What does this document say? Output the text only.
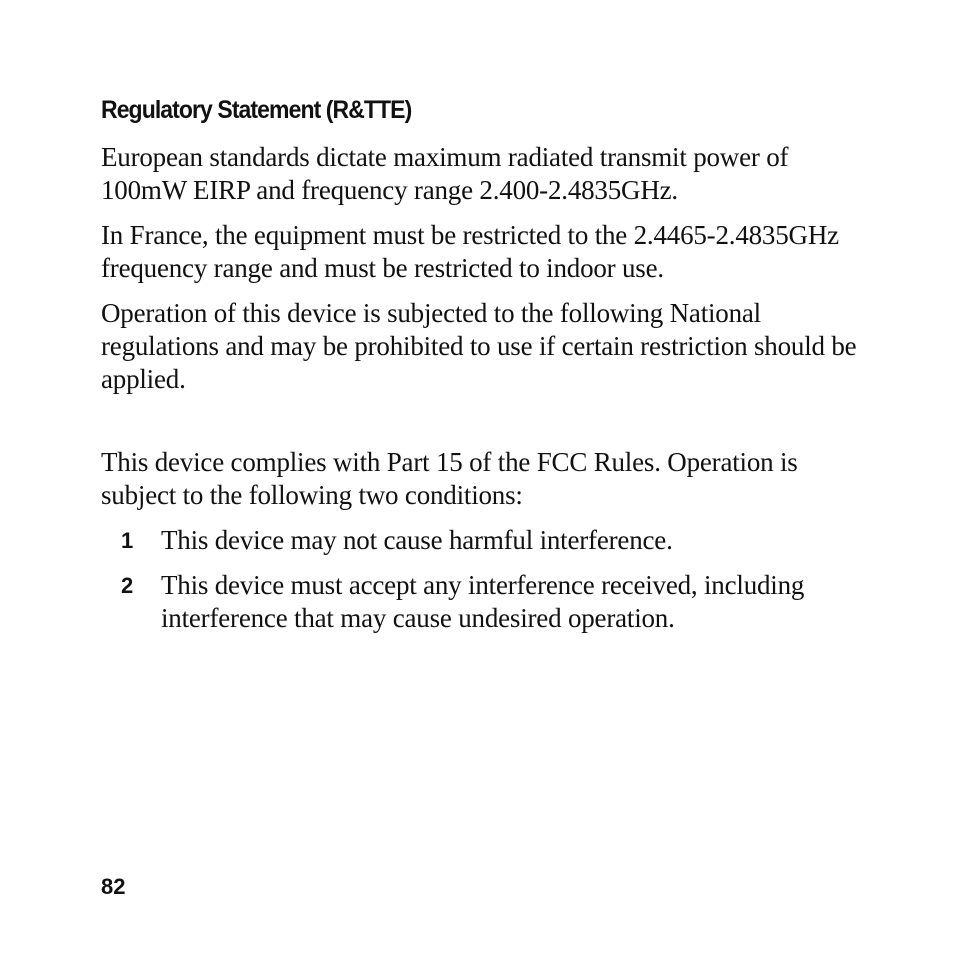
Regulatory Statement (R&TTE)

European standards dictate maximum radiated transmit power of 100mW EIRP and frequency range 2.400-2.4835GHz.

In France, the equipment must be restricted to the 2.4465-2.4835GHz frequency range and must be restricted to indoor use.

Operation of this device is subjected to the following National regulations and may be prohibited to use if certain restriction should be applied.

This device complies with Part 15 of the FCC Rules. Operation is subject to the following two conditions:

1 This device may not cause harmful interference.
2 This device must accept any interference received, including interference that may cause undesired operation.
82
